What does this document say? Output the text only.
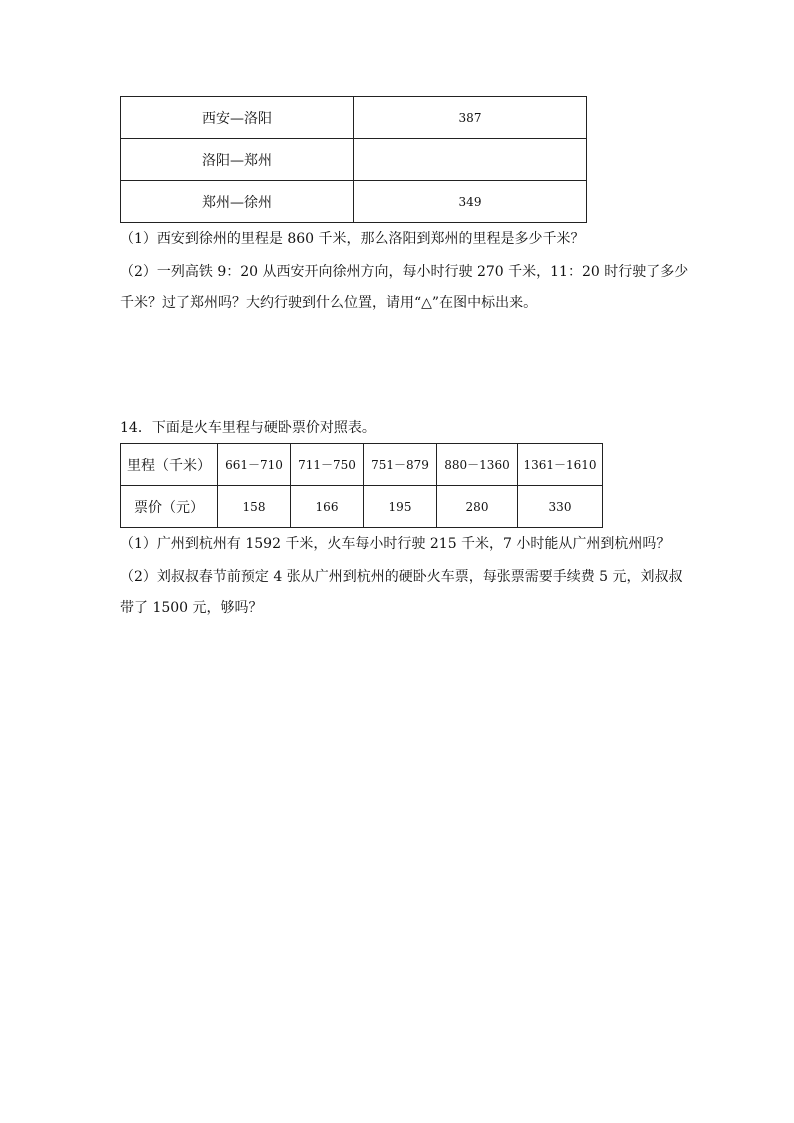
西安—洛阳	387
洛阳—郑州	
郑州—徐州	349
（1）西安到徐州的里程是 860 千米，那么洛阳到郑州的里程是多少千米？
（2）一列高铁 9：20 从西安开向徐州方向，每小时行驶 270 千米，11：20 时行驶了多少
千米？过了郑州吗？大约行驶到什么位置，请用“△”在图中标出来。
14．下面是火车里程与硬卧票价对照表。
里程（千米）	661－710	711－750	751－879	880－1360	1361－1610
票价（元）	158	166	195	280	330
（1）广州到杭州有 1592 千米，火车每小时行驶 215 千米，7 小时能从广州到杭州吗？
（2）刘叔叔春节前预定 4 张从广州到杭州的硬卧火车票，每张票需要手续费 5 元，刘叔叔
带了 1500 元，够吗？
